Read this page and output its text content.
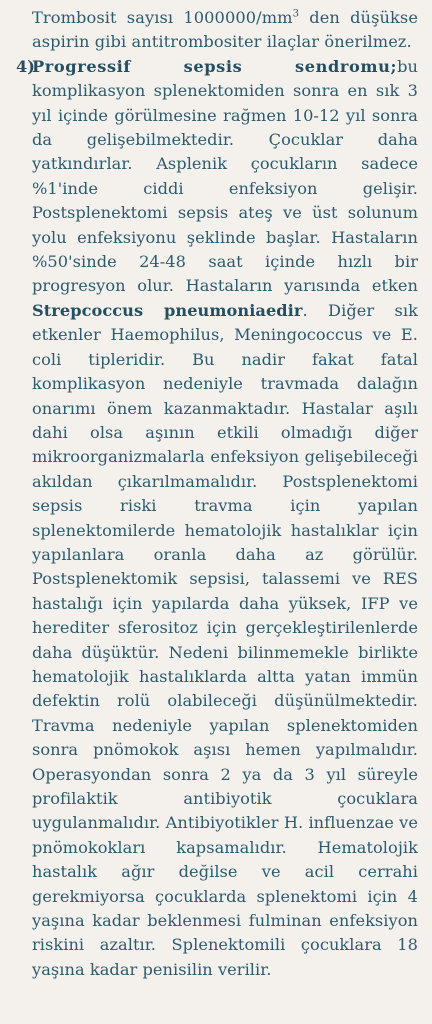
Trombosit sayısı $1000000/mm^3$ den düşükse aspirin gibi antitrombositer ilaçlar önerilmez.

4)

Progressif sepsis sendromu;bu komplikasyon splenektomiden sonra en sık 3 yıl içinde görülmesine rağmen 10-12 yıl sonra da gelişebilmektedir. Çocuklar daha yatkındırlar. Asplenik çocukların sadece %1'inde ciddi enfeksiyon gelişir. Postsplenektomi sepsis ateş ve üst solunum yolu enfeksiyonu şeklinde başlar. Hastaların %50'sinde 24-48 saat içinde hızlı bir progresyon olur. Hastaların yarısında etken Strepcoccus pneumoniaedir. Diğer sık etkenler Haemophilus, Meningococcus ve E. coli tipleridir. Bu nadir fakat fatal komplikasyon nedeniyle travmada dalağın onarımı önem kazanmaktadır. Hastalar aşılı dahi olsa aşının etkili olmadığı diğer mikroorganizmalarla enfeksiyon gelişebileceği akıldan çıkarılmamalıdır. Postsplenektomi sepsis riski travma için yapılan splenektomilerde hematolojik hastalıklar için yapılanlara oranla daha az görülür. Postsplenektomik sepsisi, talassemi ve RES hastalığı için yapılarda daha yüksek, IFP ve herediter sferositoz için gerçekleştirilenlerde daha düşüktür. Nedeni bilinmemekle birlikte hematolojik hastalıklarda altta yatan immün defektin rolü olabileceği düşünülmektedir. Travma nedeniyle yapılan splenektomiden sonra pnömokok aşısı hemen yapılmalıdır. Operasyondan sonra 2 ya da 3 yıl süreyle profilaktik antibiyotik çocuklara uygulanmalıdır. Antibiyotikler H. influenzae ve pnömokokları kapsamalıdır. Hematolojik hastalık ağır değilse ve acil cerrahi gerekmiyorsa çocuklarda splenektomi için 4 yaşına kadar beklenmesi fulminan enfeksiyon riskini azaltır. Splenektomili çocuklara 18 yaşına kadar penisilin verilir.
